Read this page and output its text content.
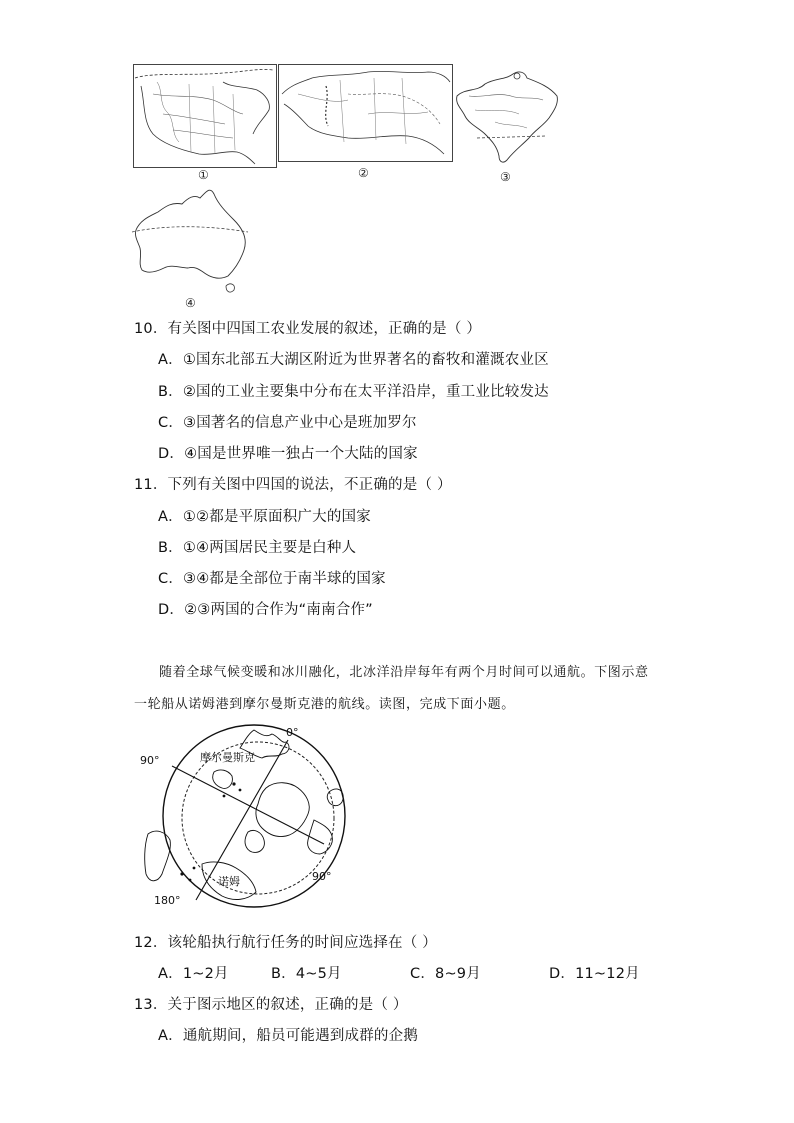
①	②	③
④
10．有关图中四国工农业发展的叙述，正确的是（ ）
A．①国东北部五大湖区附近为世界著名的畜牧和灌溉农业区
B．②国的工业主要集中分布在太平洋沿岸，重工业比较发达
C．③国著名的信息产业中心是班加罗尔
D．④国是世界唯一独占一个大陆的国家
11．下列有关图中四国的说法，不正确的是（ ）
A．①②都是平原面积广大的国家
B．①④两国居民主要是白种人
C．③④都是全部位于南半球的国家
D．②③两国的合作为“南南合作”
随着全球气候变暖和冰川融化，北冰洋沿岸每年有两个月时间可以通航。下图示意
一轮船从诺姆港到摩尔曼斯克港的航线。读图，完成下面小题。
0°
90°
90°
180°
摩尔曼斯克
诺姆
12．该轮船执行航行任务的时间应选择在（ ）
A．1~2月	B．4~5月	C．8~9月	D．11~12月
13．关于图示地区的叙述，正确的是（ ）
A．通航期间，船员可能遇到成群的企鹅
